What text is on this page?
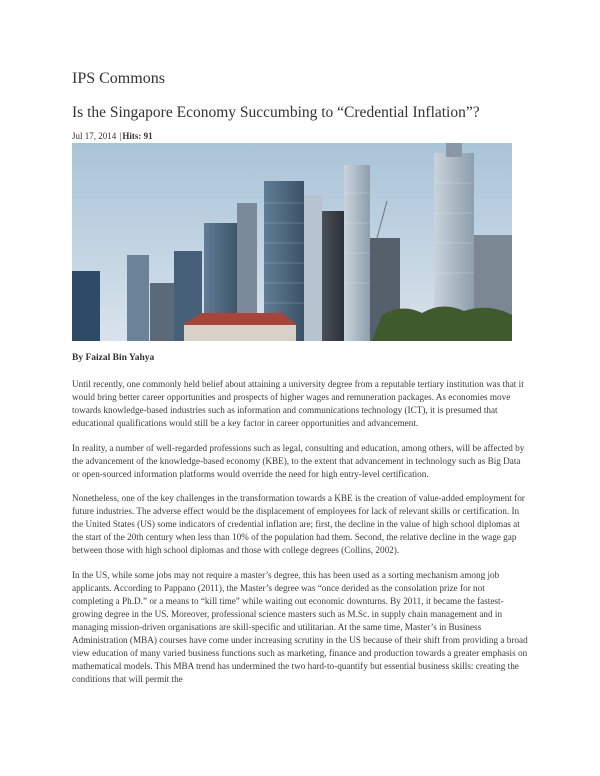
IPS Commons
Is the Singapore Economy Succumbing to “Credential Inflation”?
Jul 17, 2014 |Hits: 91
By Faizal Bin Yahya

Until recently, one commonly held belief about attaining a university degree from a reputable tertiary institution was that it would bring better career opportunities and prospects of higher wages and remuneration packages. As economies move towards knowledge-based industries such as information and communications technology (ICT), it is presumed that educational qualifications would still be a key factor in career opportunities and advancement.

In reality, a number of well-regarded professions such as legal, consulting and education, among others, will be affected by the advancement of the knowledge-based economy (KBE), to the extent that advancement in technology such as Big Data or open-sourced information platforms would override the need for high entry-level certification.

Nonetheless, one of the key challenges in the transformation towards a KBE is the creation of value-added employment for future industries. The adverse effect would be the displacement of employees for lack of relevant skills or certification. In the United States (US) some indicators of credential inflation are; first, the decline in the value of high school diplomas at the start of the 20th century when less than 10% of the population had them. Second, the relative decline in the wage gap between those with high school diplomas and those with college degrees (Collins, 2002).

In the US, while some jobs may not require a master’s degree, this has been used as a sorting mechanism among job applicants. According to Pappano (2011), the Master’s degree was “once derided as the consolation prize for not completing a Ph.D.” or a means to “kill time” while waiting out economic downturns. By 2011, it became the fastest-growing degree in the US. Moreover, professional science masters such as M.Sc. in supply chain management and in managing mission-driven organisations are skill-specific and utilitarian. At the same time, Master’s in Business Administration (MBA) courses have come under increasing scrutiny in the US because of their shift from providing a broad view education of many varied business functions such as marketing, finance and production towards a greater emphasis on mathematical models. This MBA trend has undermined the two hard-to-quantify but essential business skills: creating the conditions that will permit the
